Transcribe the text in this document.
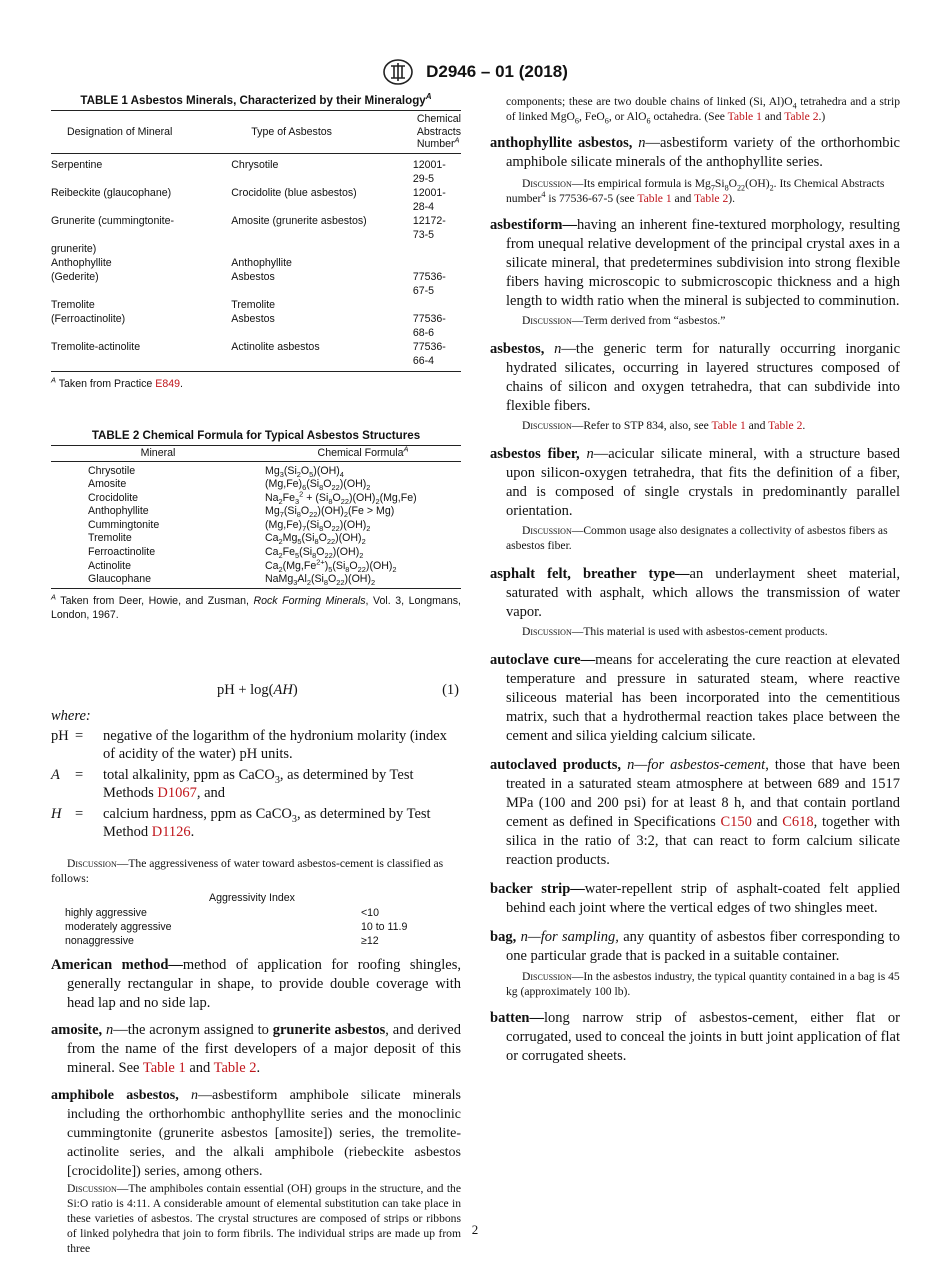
D2946 – 01 (2018)
TABLE 1 Asbestos Minerals, Characterized by their Mineralogy$^A$
Designation of Mineral	Type of Asbestos	Chemical
Abstracts
Number$^A$
Serpentine	Chrysotile	12001-29-5
Reibeckite (glaucophane)	Crocidolite (blue asbestos)	12001-28-4
Grunerite (cummingtonite-	Amosite (grunerite asbestos)	12172-73-5
grunerite)		
Anthophyllite	Anthophyllite	
(Gederite)	Asbestos	77536-67-5
Tremolite	Tremolite	
(Ferroactinolite)	Asbestos	77536-68-6
Tremolite-actinolite	Actinolite asbestos	77536-66-4
$^A$ Taken from Practice E849.
TABLE 2 Chemical Formula for Typical Asbestos Structures
Mineral	Chemical Formula$^A$
Chrysotile	$Mg_3(Si_2O_5)(OH)_4$
Amosite	$(Mg,Fe)_6(Si_8O_{22})(OH)_2$
Crocidolite	$Na_2Fe_3^2 + (Si_8O_{22})(OH)_2(Mg,Fe)$
Anthophyllite	$Mg_7(Si_8O_{22})(OH)_2(Fe > Mg)$
Cummingtonite	$(Mg,Fe)_7(Si_8O_{22})(OH)_2$
Tremolite	$Ca_2Mg_5(Si_8O_{22})(OH)_2$
Ferroactinolite	$Ca_2Fe_5(Si_8O_{22})(OH)_2$
Actinolite	$Ca_2(Mg,Fe^{2+})_5(Si_8O_{22})(OH)_2$
Glaucophane	$NaMg_3Al_2(Si_8O_{22})(OH)_2$
$^A$ Taken from Deer, Howie, and Zusman, Rock Forming Minerals, Vol. 3, Longmans, London, 1967.
pH + log(AH)	(1)
where:
pH =	negative of the logarithm of the hydronium molarity (index of acidity of the water) pH units.
A	=	total alkalinity, ppm as CaCO$_3$, as determined by Test Methods D1067, and
H =	calcium hardness, ppm as CaCO$_3$, as determined by Test Method D1126.
Discussion—The aggressiveness of water toward asbestos-cement is classified as follows:
Aggressivity Index
highly aggressive	<10
moderately aggressive	10 to 11.9
nonaggressive	≥12

American method—method of application for roofing shingles, generally rectangular in shape, to provide double coverage with head lap and no side lap.

amosite, n—the acronym assigned to grunerite asbestos, and derived from the name of the first developers of a major deposit of this mineral. See Table 1 and Table 2.

amphibole asbestos, n—asbestiform amphibole silicate minerals including the orthorhombic anthophyllite series and the monoclinic cummingtonite (grunerite asbestos [amosite]) series, the tremolite-actinolite series, and the alkali amphibole (riebeckite asbestos [crocidolite]) series, among others.

Discussion—The amphiboles contain essential (OH) groups in the structure, and the Si:O ratio is 4:11. A considerable amount of elemental substitution can take place in these varieties of asbestos. The crystal structures are composed of strips or ribbons of linked polyhedra that join to form fibrils. The individual strips are made up from three
components; these are two double chains of linked (Si, $Al)O_4$ tetrahedra and a strip of linked MgO$_6$, FeO$_6$, or AlO$_6$ octahedra. (See Table 1 and Table 2.)

anthophyllite asbestos, n—asbestiform variety of the orthorhombic amphibole silicate minerals of the anthophyllite series.

Discussion—Its empirical formula is $Mg_7Si_8O_{22}(OH)_2$. Its Chemical Abstracts number$^4$ is 77536-67-5 (see Table 1 and Table 2).

asbestiform—having an inherent fine-textured morphology, resulting from unequal relative development of the principal crystal axes in a silicate mineral, that predetermines subdivision into strong flexible fibers having microscopic to submicroscopic thickness and a high length to width ratio when the mineral is subjected to comminution.

Discussion—Term derived from “asbestos.”

asbestos, n—the generic term for naturally occurring inorganic hydrated silicates, occurring in layered structures composed of chains of silicon and oxygen tetrahedra, that can subdivide into flexible fibers.

Discussion—Refer to STP 834, also, see Table 1 and Table 2.

asbestos fiber, n—acicular silicate mineral, with a structure based upon silicon-oxygen tetrahedra, that fits the definition of a fiber, and is composed of single crystals in predominantly parallel orientation.

Discussion—Common usage also designates a collectivity of asbestos fibers as asbestos fiber.

asphalt felt, breather type—an underlayment sheet material, saturated with asphalt, which allows the transmission of water vapor.

Discussion—This material is used with asbestos-cement products.

autoclave cure—means for accelerating the cure reaction at elevated temperature and pressure in saturated steam, where reactive siliceous material has been incorporated into the cementitious matrix, such that a hydrothermal reaction takes place between the cement and silica yielding calcium silicate.

autoclaved products, n—for asbestos-cement, those that have been treated in a saturated steam atmosphere at between 689 and 1517 MPa (100 and 200 psi) for at least 8 h, and that contain portland cement as defined in Specifications C150 and C618, together with silica in the ratio of 3:2, that can react to form calcium silicate reaction products.

backer strip—water-repellent strip of asphalt-coated felt applied behind each joint where the vertical edges of two shingles meet.

bag, n—for sampling, any quantity of asbestos fiber corresponding to one particular grade that is packed in a suitable container.

Discussion—In the asbestos industry, the typical quantity contained in a bag is 45 kg (approximately 100 lb).

batten—long narrow strip of asbestos-cement, either flat or corrugated, used to conceal the joints in butt joint application of flat or corrugated sheets.

2
